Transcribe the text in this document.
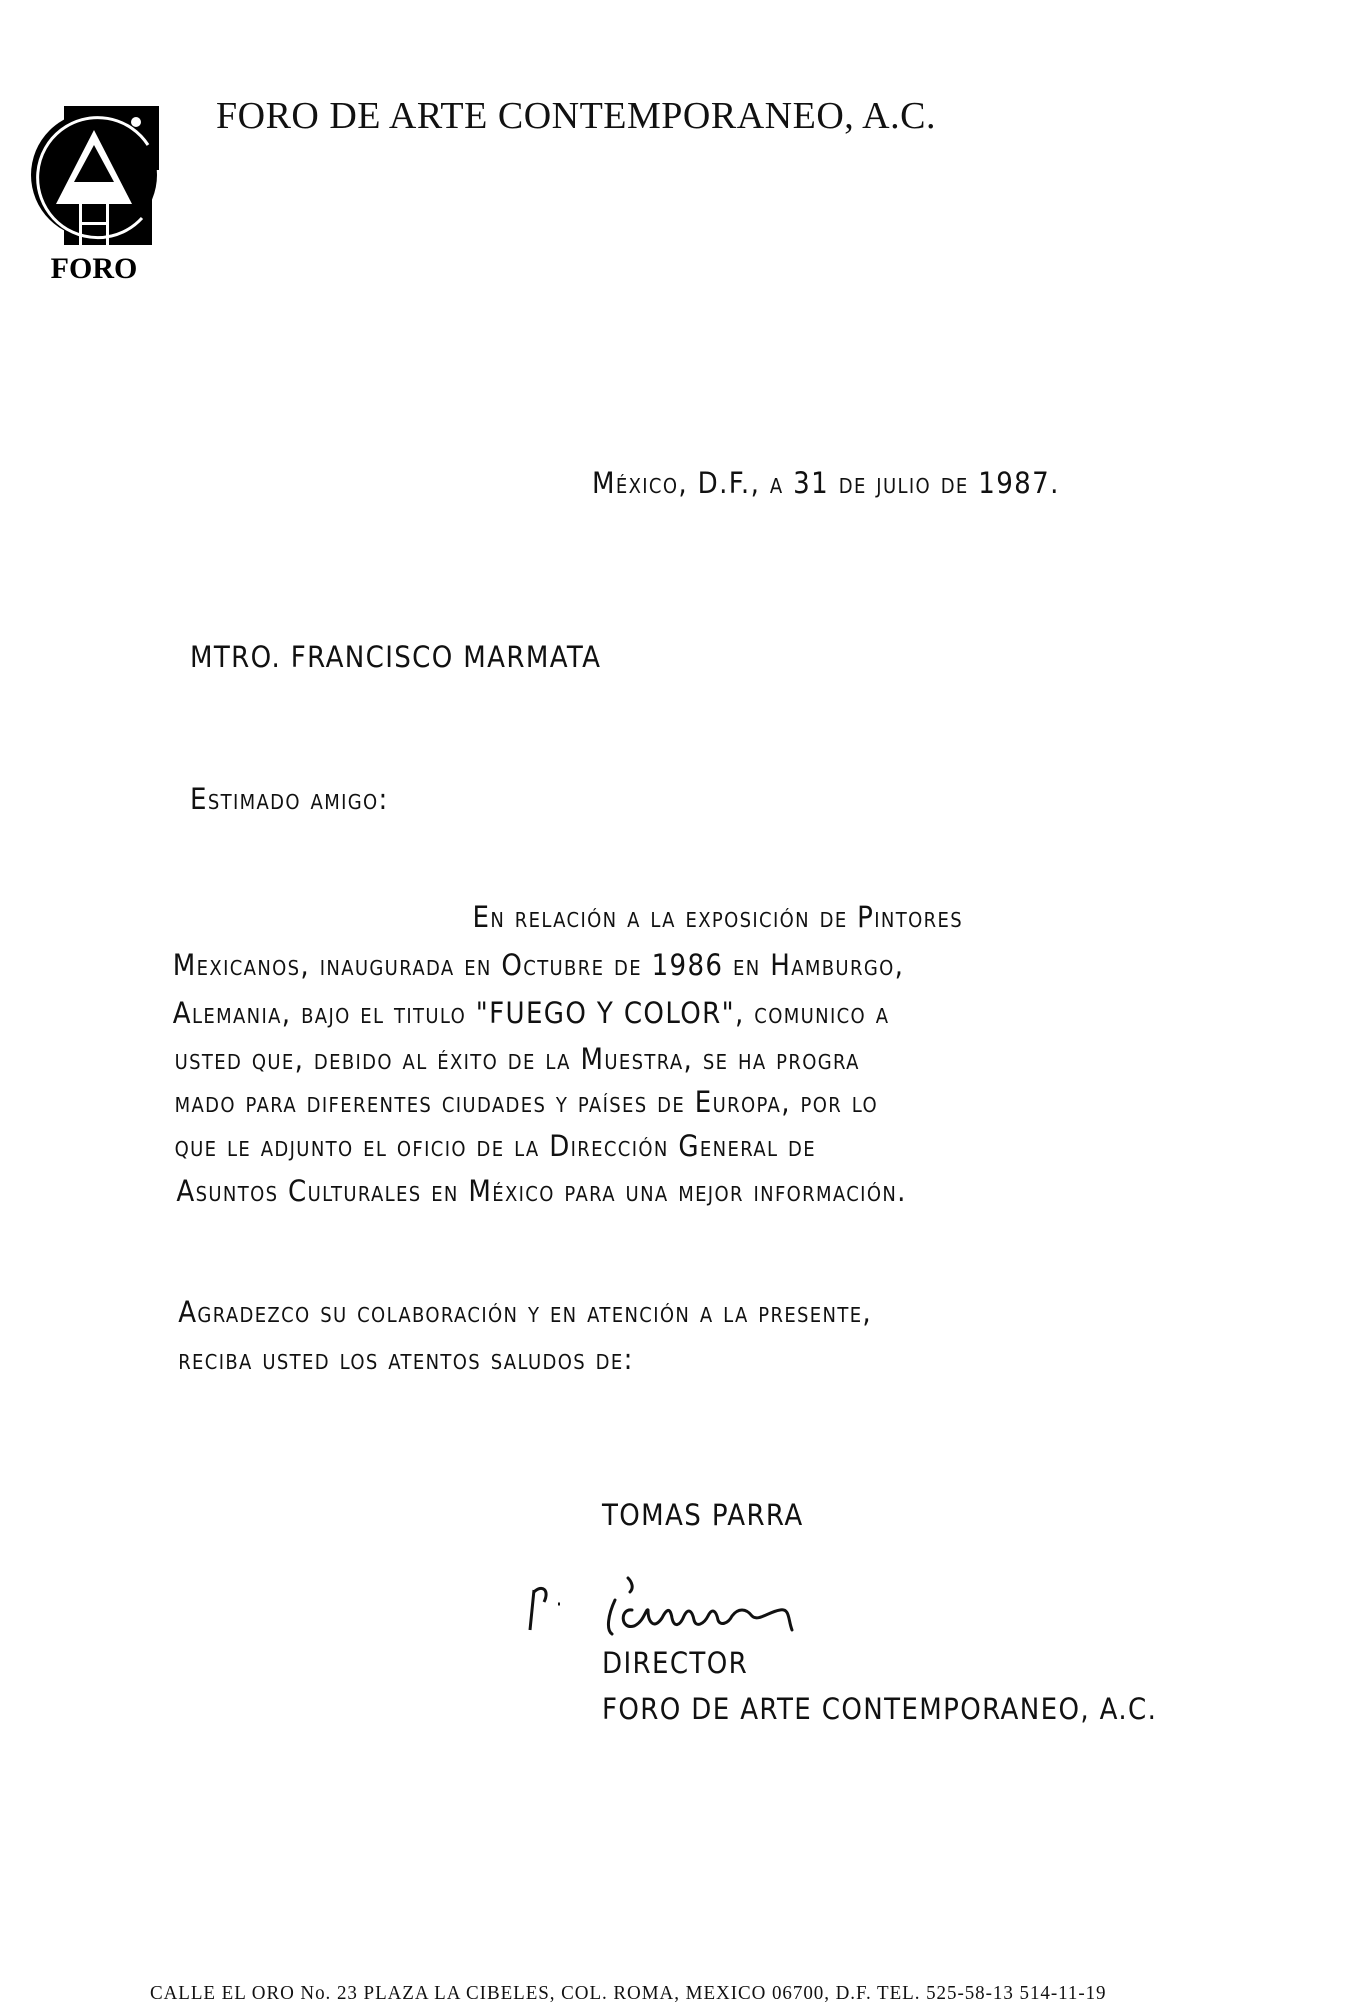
FORO
FORO DE ARTE CONTEMPORANEO, A.C.
México, D.F., a 31 de julio de 1987.
MTRO. FRANCISCO MARMATA
Estimado amigo:
En relación a la exposición de Pintores
Mexicanos, inaugurada en Octubre de 1986 en Hamburgo,
Alemania, bajo el titulo "FUEGO Y COLOR", comunico a
usted que, debido al éxito de la Muestra, se ha progra
mado para diferentes ciudades y países de Europa, por lo
que le adjunto el oficio de la Dirección General de
Asuntos Culturales en México para una mejor información.
Agradezco su colaboración y en atención a la presente,
reciba usted los atentos saludos de:
TOMAS PARRA
DIRECTOR
FORO DE ARTE CONTEMPORANEO, A.C.
CALLE EL ORO No. 23 PLAZA LA CIBELES, COL. ROMA, MEXICO 06700, D.F. TEL. 525-58-13 514-11-19
